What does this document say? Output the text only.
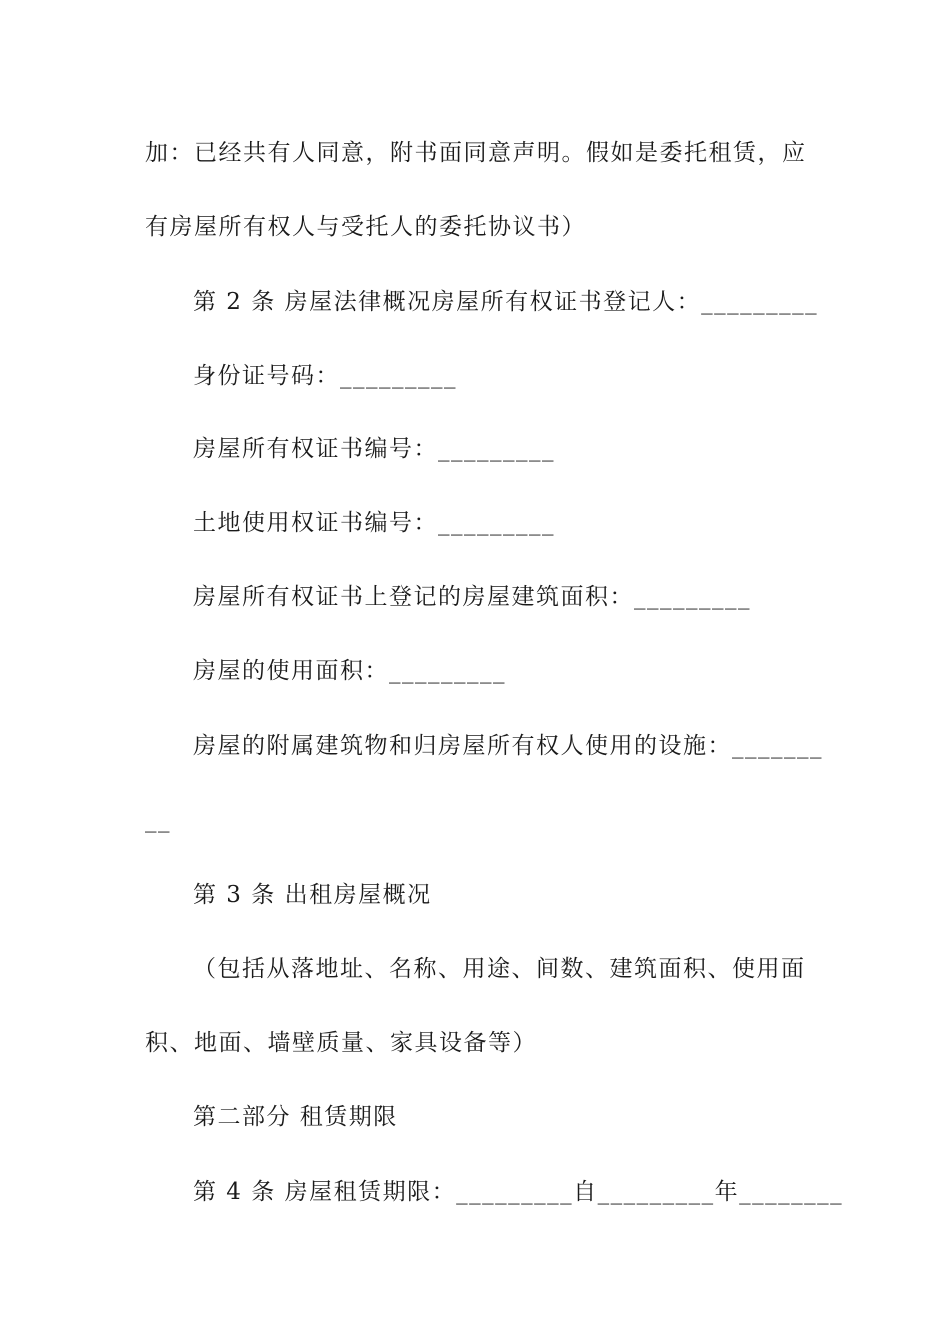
加：已经共有人同意，附书面同意声明。假如是委托租赁，应
有房屋所有权人与受托人的委托协议书）
第 2 条 房屋法律概况房屋所有权证书登记人：_________
身份证号码：_________
房屋所有权证书编号：_________
土地使用权证书编号：_________
房屋所有权证书上登记的房屋建筑面积：_________
房屋的使用面积：_________
房屋的附属建筑物和归房屋所有权人使用的设施：_______
__
第 3 条 出租房屋概况
（包括从落地址、名称、用途、间数、建筑面积、使用面
积、地面、墙壁质量、家具设备等）
第二部分 租赁期限
第 4 条 房屋租赁期限：_________自_________年________
